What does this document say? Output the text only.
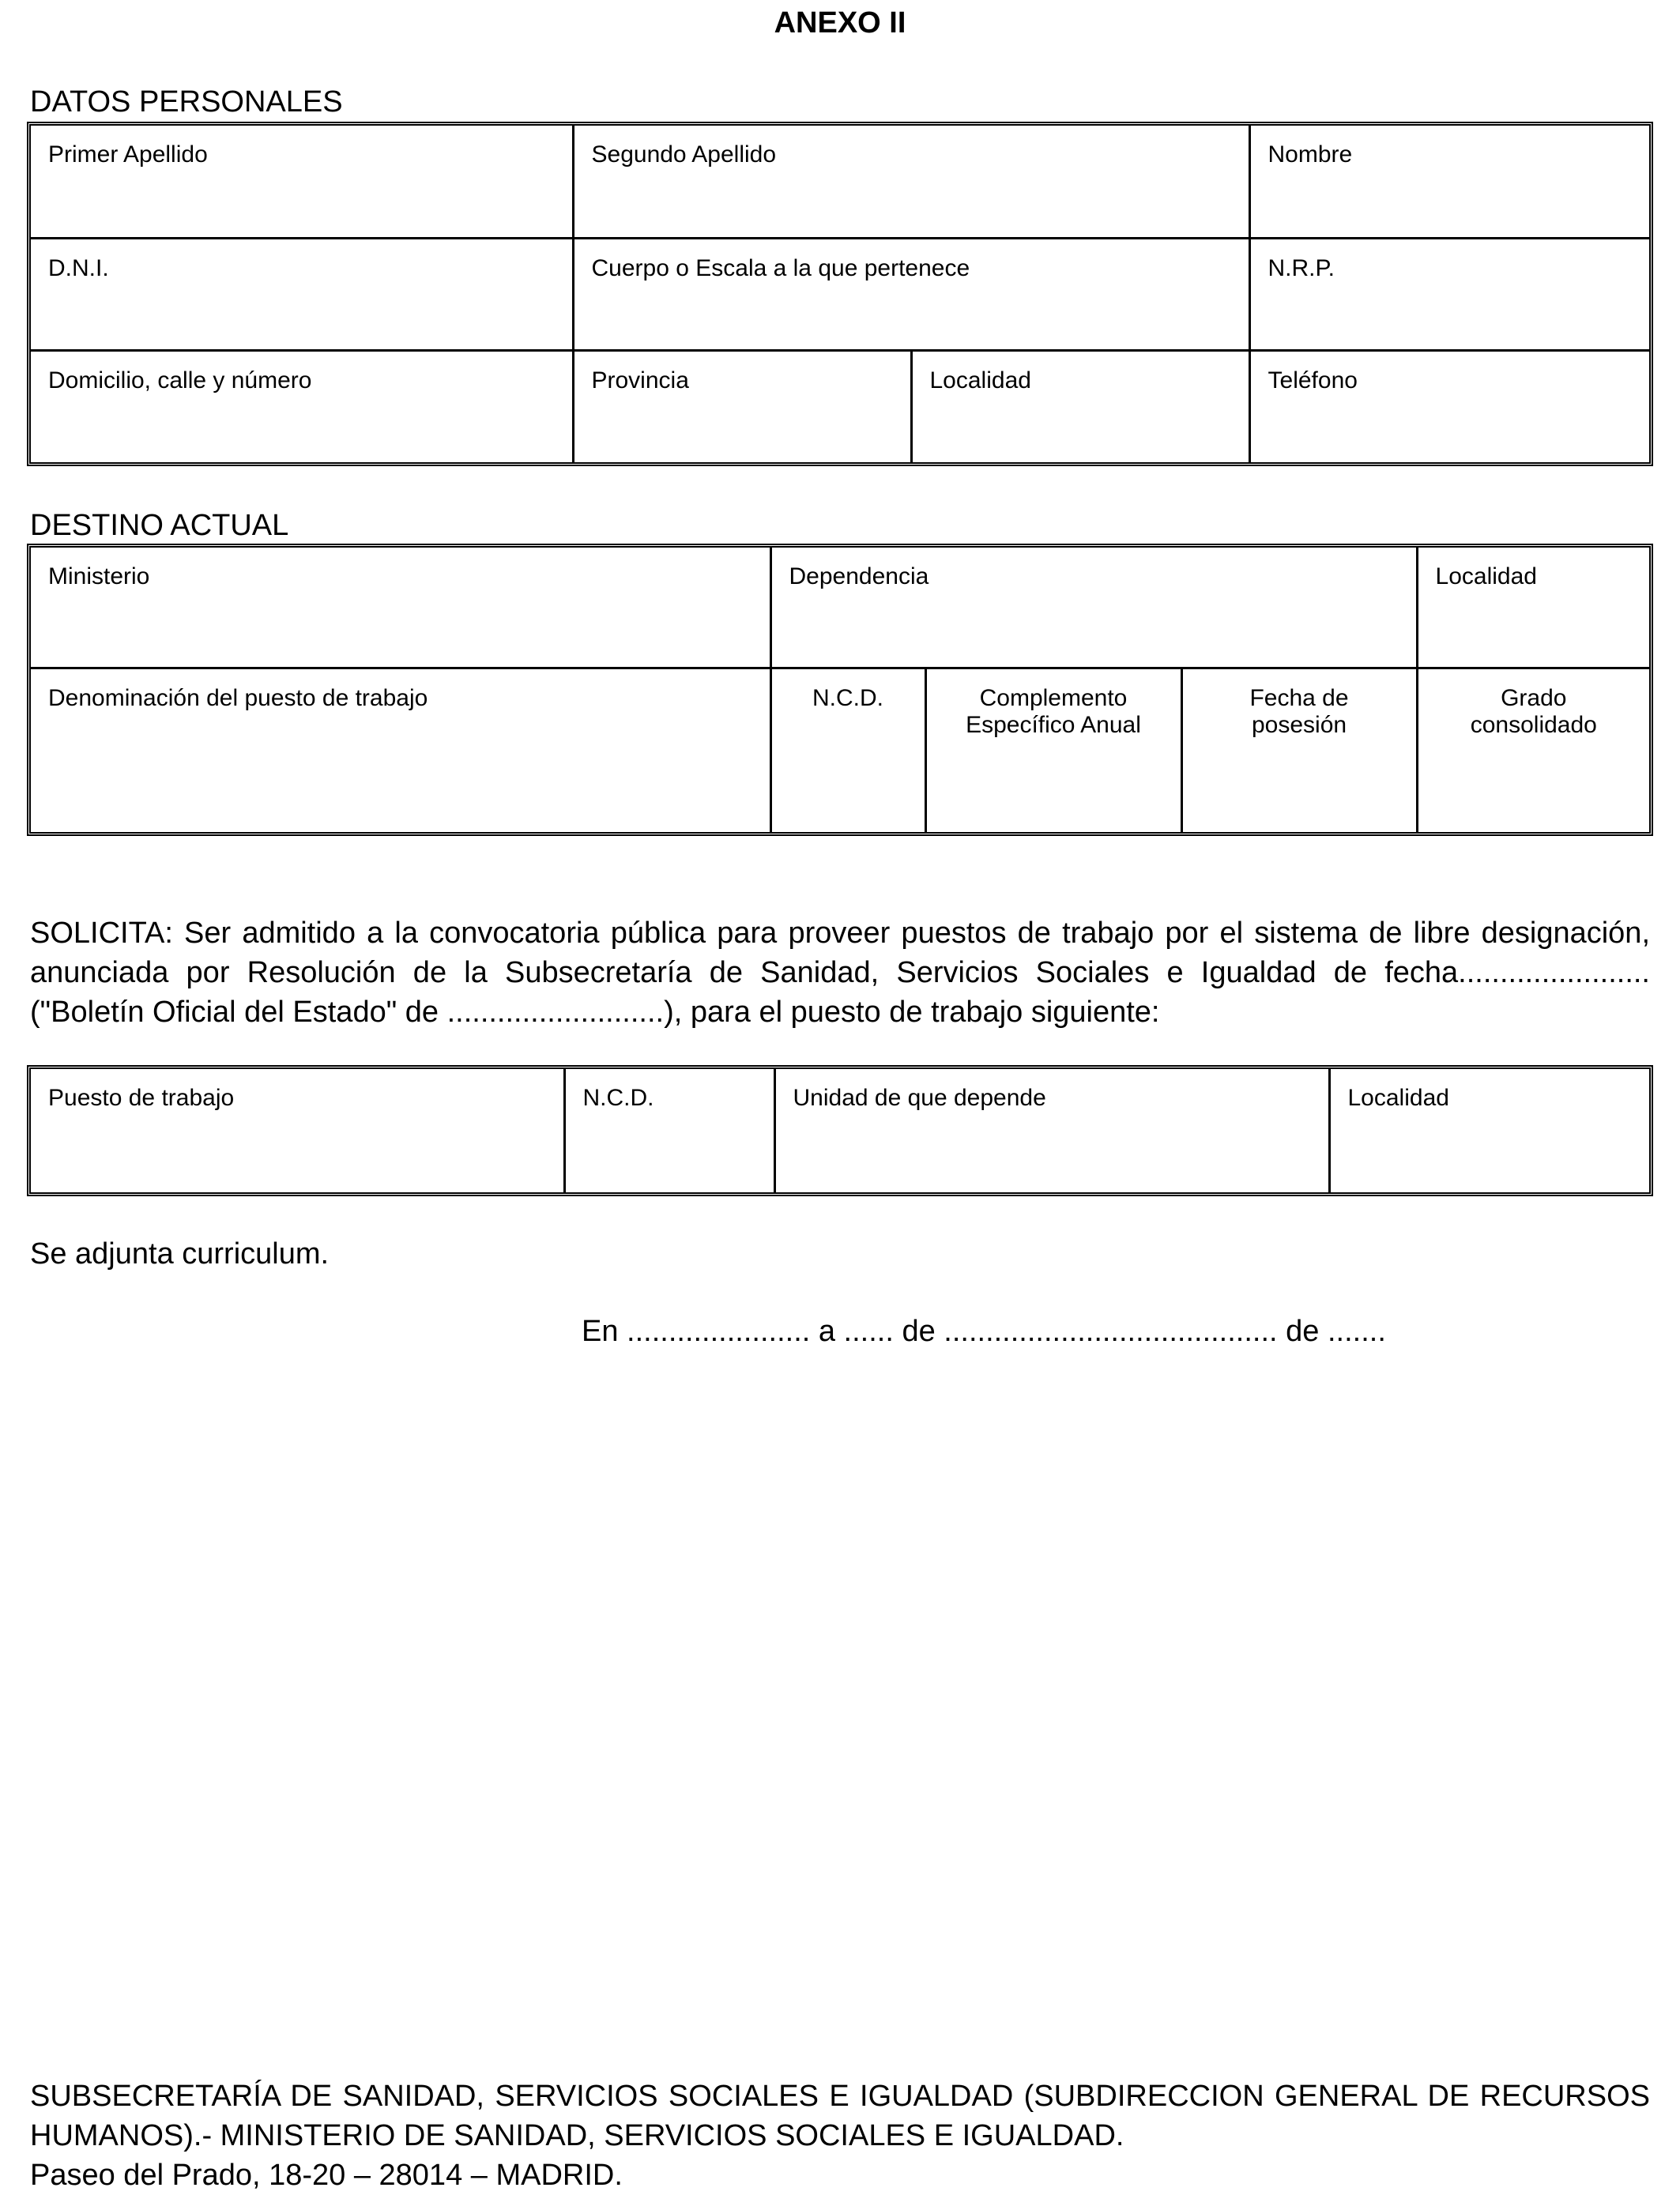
ANEXO II
DATOS PERSONALES
Primer Apellido	Segundo Apellido		Nombre
D.N.I.	Cuerpo o Escala a la que pertenece		N.R.P.
Domicilio, calle y número	Provincia	Localidad	Teléfono
DESTINO ACTUAL
Ministerio	Dependencia			Localidad
Denominación del puesto de trabajo	N.C.D.	Complemento Específico Anual	Fecha de posesión	Grado consolidado
SOLICITA: Ser admitido a la convocatoria pública para proveer puestos de trabajo por el sistema de libre designación, anunciada por Resolución de la Subsecretaría de Sanidad, Servicios Sociales e Igualdad de fecha....................... ("Boletín Oficial del Estado" de ..........................), para el puesto de trabajo siguiente:
Puesto de trabajo	N.C.D.	Unidad de que depende	Localidad
Se adjunta curriculum.
En ...................... a ...... de ........................................ de .......
SUBSECRETARÍA DE SANIDAD, SERVICIOS SOCIALES E IGUALDAD (SUBDIRECCION GENERAL DE RECURSOS HUMANOS).- MINISTERIO DE SANIDAD, SERVICIOS SOCIALES E IGUALDAD.
Paseo del Prado, 18-20 – 28014 – MADRID.
